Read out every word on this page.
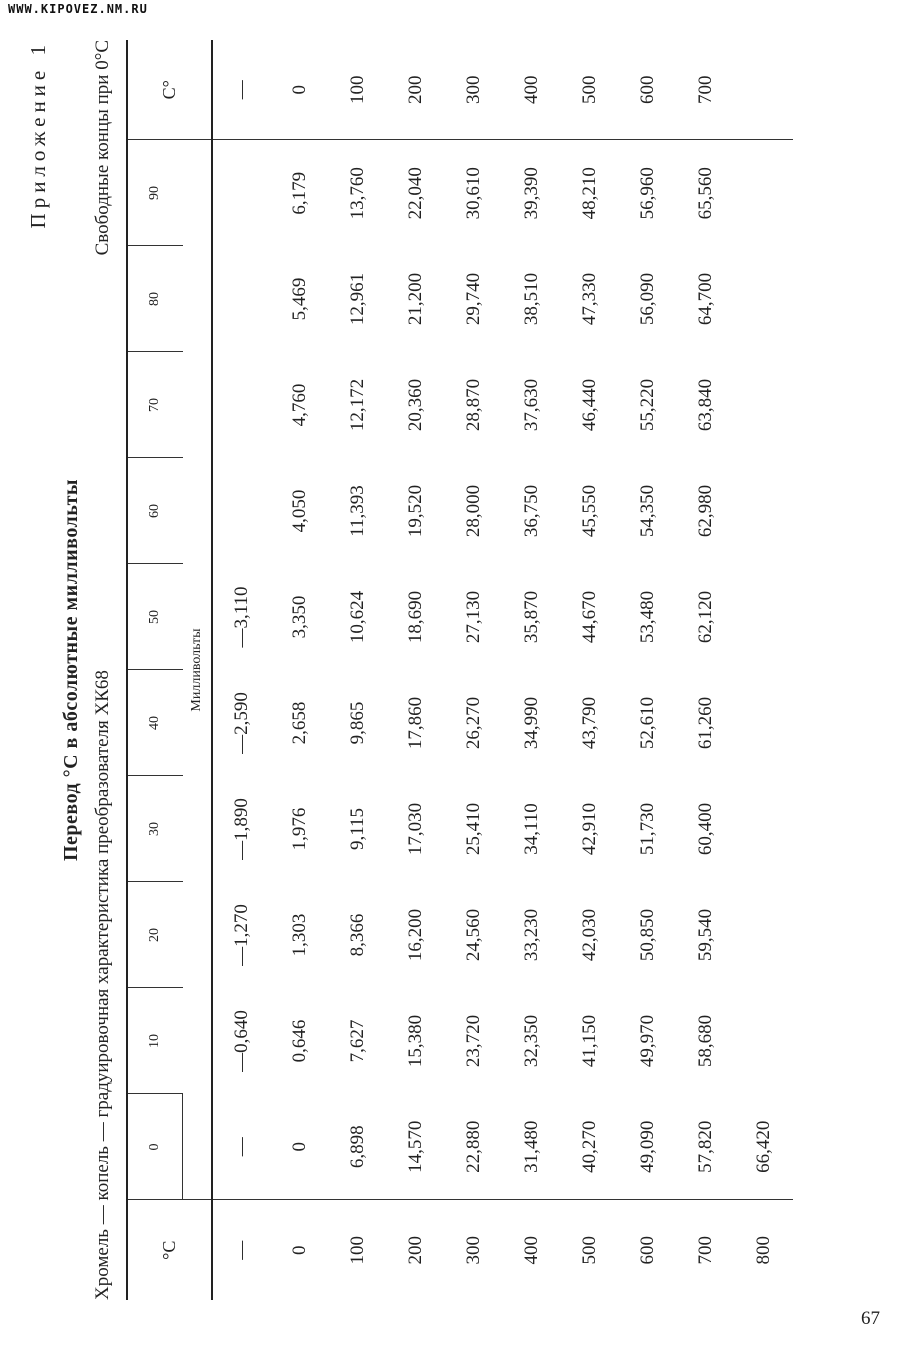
WWW.KIPOVEZ.NM.RU
67
Приложение 1
Перевод °С в абсолютные милливольты
Хромель — копель — градуировочная характеристика преобразователя ХК68
Свободные концы при 0°С
°С	0	10	20	30	40	50	60	70	80	90	С°
	Милливольты										
—	—	—0,640	—1,270	—1,890	—2,590	—3,110					—
0	0	0,646	1,303	1,976	2,658	3,350	4,050	4,760	5,469	6,179	0
100	6,898	7,627	8,366	9,115	9,865	10,624	11,393	12,172	12,961	13,760	100
200	14,570	15,380	16,200	17,030	17,860	18,690	19,520	20,360	21,200	22,040	200
300	22,880	23,720	24,560	25,410	26,270	27,130	28,000	28,870	29,740	30,610	300
400	31,480	32,350	33,230	34,110	34,990	35,870	36,750	37,630	38,510	39,390	400
500	40,270	41,150	42,030	42,910	43,790	44,670	45,550	46,440	47,330	48,210	500
600	49,090	49,970	50,850	51,730	52,610	53,480	54,350	55,220	56,090	56,960	600
700	57,820	58,680	59,540	60,400	61,260	62,120	62,980	63,840	64,700	65,560	700
800	66,420										
